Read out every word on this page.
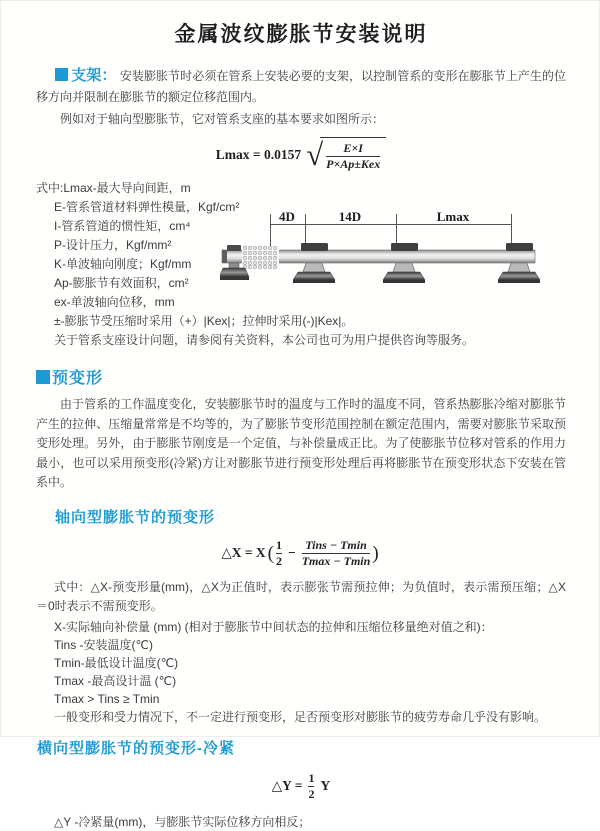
金属波纹膨胀节安装说明

支架： 安装膨胀节时必须在管系上安装必要的支架，以控制管系的变形在膨胀节上产生的位移方向并限制在膨胀节的额定位移范围内。

例如对于轴向型膨胀节，它对管系支座的基本要求如图所示：

Lmax = 0.0157 √ $\frac{E\times I}{\text{P×Ap±Kex}}$
式中:Lmax-最大导向间距，m
E-管系管道材料弹性模量，Kgf/cm²
I-管系管道的惯性矩，cm⁴
P-设计压力，Kgf/mm²
K-单波轴向刚度；Kgf/mm
Ap-膨胀节有效面积，cm²
ex-单波轴向位移，mm
±-膨胀节受压缩时采用（+）|Kex|；拉伸时采用(-)|Kex|。
关于管系支座设计问题，请参阅有关资料，本公司也可为用户提供咨询等服务。
4D	14D	Lmax
预变形

由于管系的工作温度变化，安装膨胀节时的温度与工作时的温度不同，管系热膨胀冷缩对膨胀节产生的拉伸、压缩量常常是不均等的，为了膨胀节变形范围控制在额定范围内，需要对膨胀节采取预变形处理。另外，由于膨胀节刚度是一个定值，与补偿量成正比。为了使膨胀节位移对管系的作用力最小，也可以采用预变形(冷紧)方让对膨胀节进行预变形处理后再将膨胀节在预变形状态下安装在管系中。

轴向型膨胀节的预变形
△X = X ( $\frac{1}{2} - \frac{\text{Tins − Tmin}}{Tmax - Tmin}$ )

式中：△X-预变形量(mm)，△X为正值时，表示膨张节需预拉伸；为负值时，表示需预压缩；△X＝0时表示不需预变形。

X-实际轴向补偿量 (mm) (相对于膨胀节中间状态的拉伸和压缩位移量绝对值之和)：
Tins -安装温度(℃)
Tmin-最低设计温度(℃)
Tmax -最高设计温 (℃)
Tmax > Tins ≥ Tmin
一般变形和受力情况下，不一定进行预变形，足否预变形对膨胀节的疲劳寿命几乎没有影响。
横向型膨胀节的预变形-冷紧
△Y = $\frac{1}{2}$ Y
△Y -冷紧量(mm)，与膨胀节实际位移方向相反；
